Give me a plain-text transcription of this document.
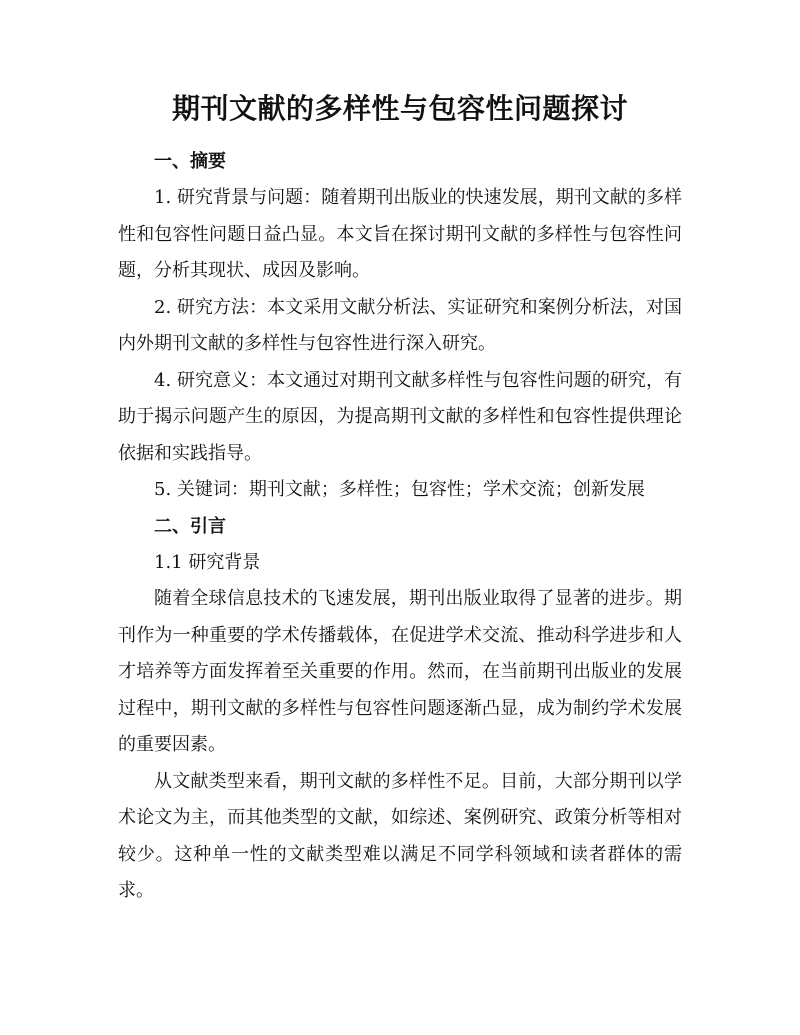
期刊文献的多样性与包容性问题探讨

一、摘要

1. 研究背景与问题：随着期刊出版业的快速发展，期刊文献的多样性和包容性问题日益凸显。本文旨在探讨期刊文献的多样性与包容性问题，分析其现状、成因及影响。

2. 研究方法：本文采用文献分析法、实证研究和案例分析法，对国内外期刊文献的多样性与包容性进行深入研究。

4. 研究意义：本文通过对期刊文献多样性与包容性问题的研究，有助于揭示问题产生的原因，为提高期刊文献的多样性和包容性提供理论依据和实践指导。

5. 关键词：期刊文献；多样性；包容性；学术交流；创新发展

二、引言

1.1 研究背景

随着全球信息技术的飞速发展，期刊出版业取得了显著的进步。期刊作为一种重要的学术传播载体，在促进学术交流、推动科学进步和人才培养等方面发挥着至关重要的作用。然而，在当前期刊出版业的发展过程中，期刊文献的多样性与包容性问题逐渐凸显，成为制约学术发展的重要因素。

从文献类型来看，期刊文献的多样性不足。目前，大部分期刊以学术论文为主，而其他类型的文献，如综述、案例研究、政策分析等相对较少。这种单一性的文献类型难以满足不同学科领域和读者群体的需求。
